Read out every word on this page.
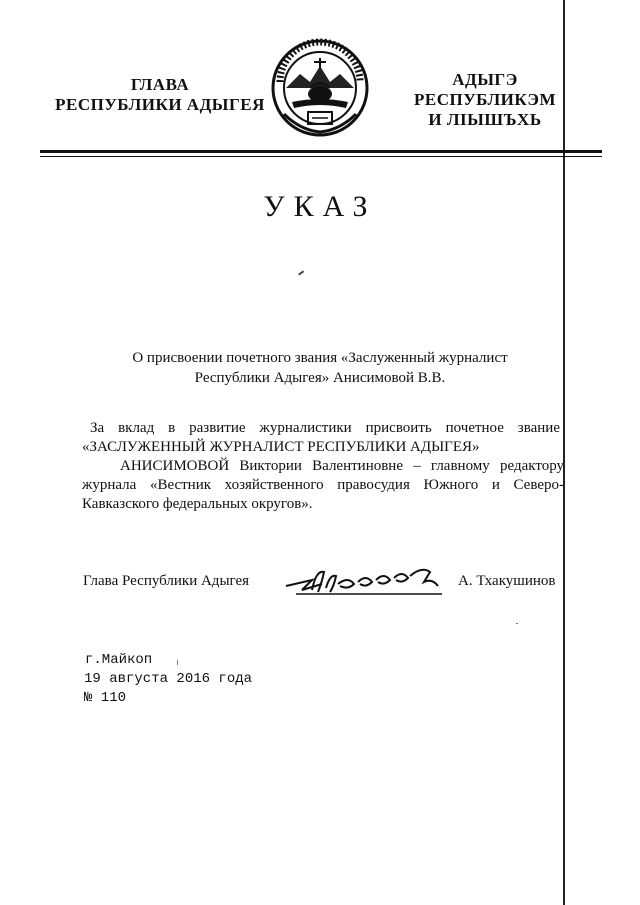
ГЛАВА
РЕСПУБЛИКИ АДЫГЕЯ
АДЫГЭ РЕСПУБЛИКЭМ
И ЛІЫШЪХЬ
УКАЗ
О присвоении почетного звания «Заслуженный журналист
Республики Адыгея» Анисимовой В.В.
За вклад в развитие журналистики присвоить почетное звание
«ЗАСЛУЖЕННЫЙ ЖУРНАЛИСТ РЕСПУБЛИКИ АДЫГЕЯ»
АНИСИМОВОЙ Виктории Валентиновне – главному редактору
журнала «Вестник хозяйственного правосудия Южного и Северо-
Кавказского федеральных округов».
Глава Республики Адыгея	А. Тхакушинов
г.Майкоп
19 августа 2016 года
№ 110
